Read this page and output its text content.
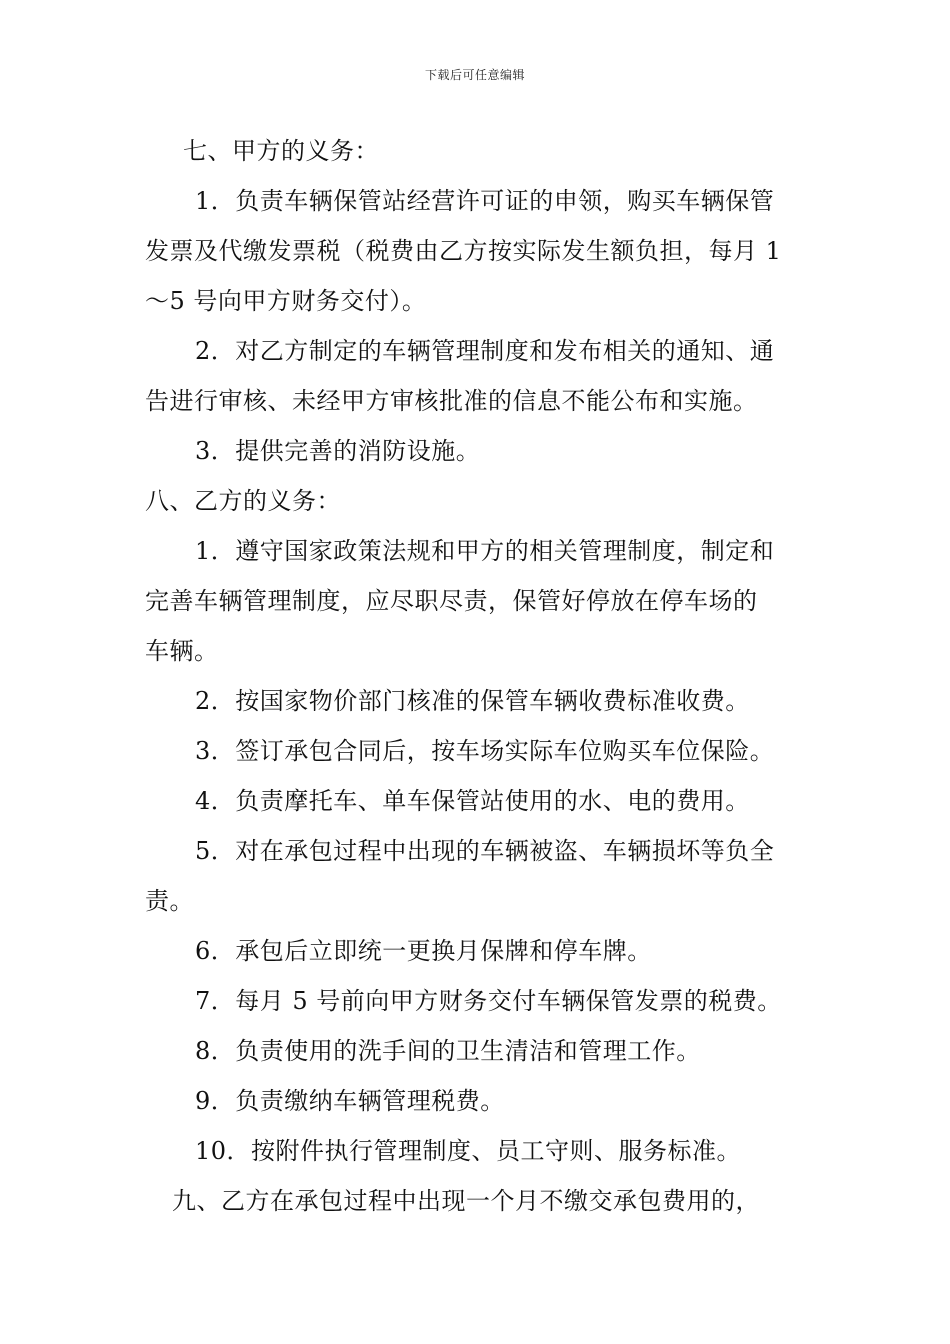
下载后可任意编辑
七、甲方的义务：
1．负责车辆保管站经营许可证的申领，购买车辆保管
发票及代缴发票税（税费由乙方按实际发生额负担，每月 1
～5 号向甲方财务交付）。
2．对乙方制定的车辆管理制度和发布相关的通知、通
告进行审核、未经甲方审核批准的信息不能公布和实施。
3．提供完善的消防设施。
八、乙方的义务：
1．遵守国家政策法规和甲方的相关管理制度，制定和
完善车辆管理制度，应尽职尽责，保管好停放在停车场的
车辆。
2．按国家物价部门核准的保管车辆收费标准收费。
3．签订承包合同后，按车场实际车位购买车位保险。
4．负责摩托车、单车保管站使用的水、电的费用。
5．对在承包过程中出现的车辆被盗、车辆损坏等负全
责。
6．承包后立即统一更换月保牌和停车牌。
7．每月 5 号前向甲方财务交付车辆保管发票的税费。
8．负责使用的洗手间的卫生清洁和管理工作。
9．负责缴纳车辆管理税费。
10．按附件执行管理制度、员工守则、服务标准。
九、乙方在承包过程中出现一个月不缴交承包费用的，
